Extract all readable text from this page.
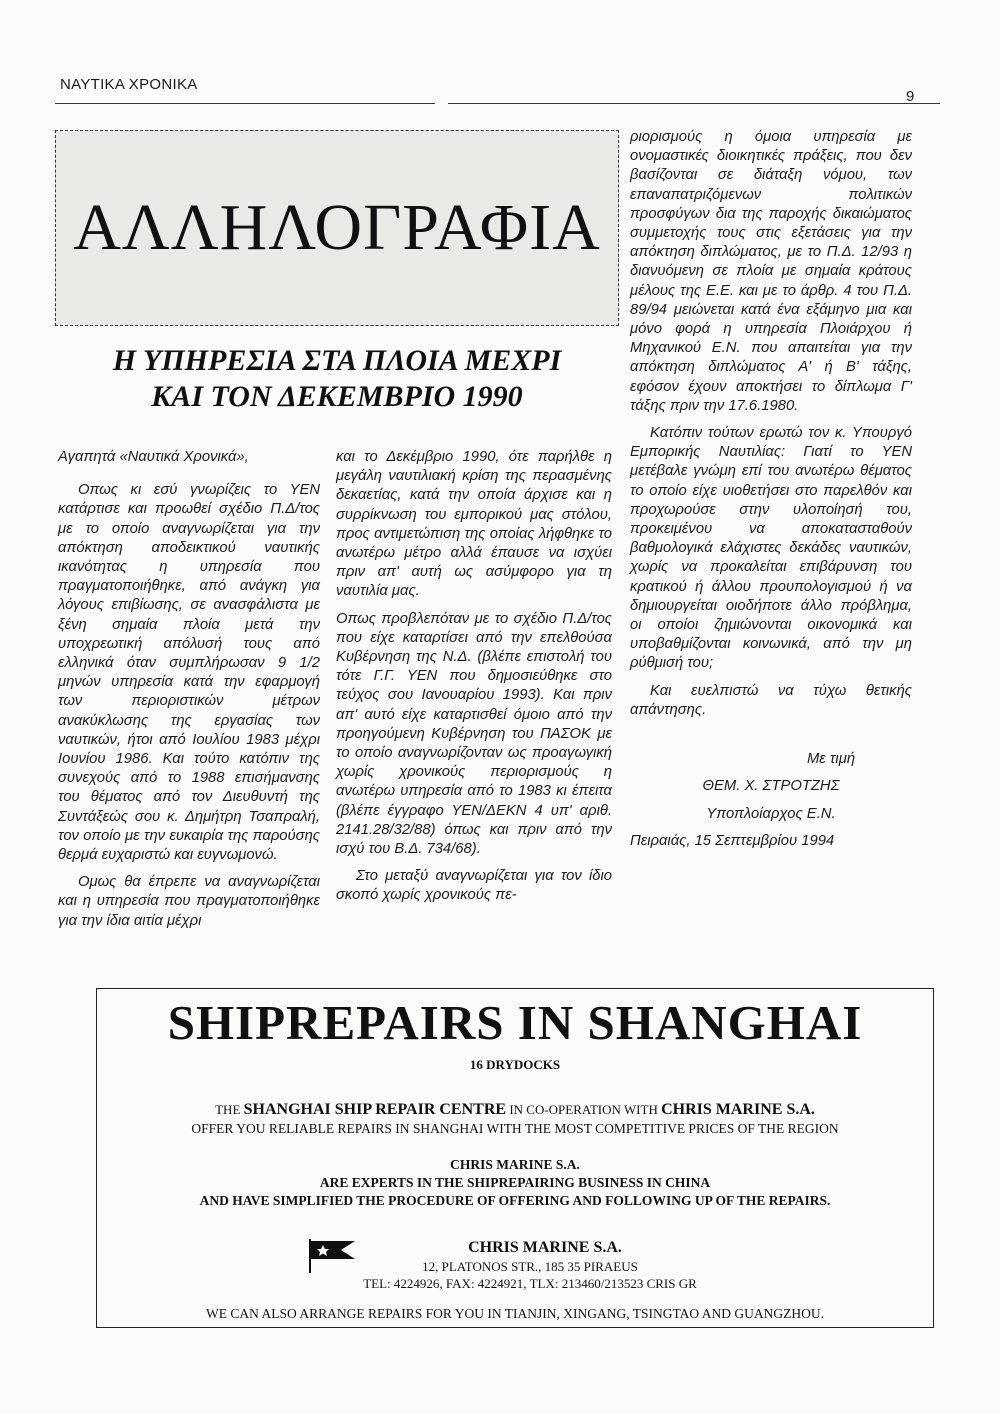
ΝΑΥΤΙΚΑ ΧΡΟΝΙΚΑ
9
ΑΛΛΗΛΟΓΡΑΦΙΑ
Η ΥΠΗΡΕΣΙΑ ΣΤΑ ΠΛΟΙΑ ΜΕΧΡΙ
ΚΑΙ ΤΟΝ ΔΕΚΕΜΒΡΙΟ 1990

Αγαπητά «Ναυτικά Χρονικά»,

Οπως κι εσύ γνωρίζεις το ΥΕΝ κατάρτισε και προωθεί σχέδιο Π.Δ/τος με το οποίο αναγνωρίζεται για την απόκτηση αποδεικτικού ναυτικής ικανότητας η υπηρεσία που πραγματοποιήθηκε, από ανάγκη για λόγους επιβίωσης, σε ανασφάλιστα με ξένη σημαία πλοία μετά την υποχρεωτική απόλυσή τους από ελληνικά όταν συμπλήρωσαν 9 1/2 μηνών υπηρεσία κατά την εφαρμογή των περιοριστικών μέτρων ανακύκλωσης της εργασίας των ναυτικών, ήτοι από Ιουλίου 1983 μέχρι Ιουνίου 1986. Και τούτο κατόπιν της συνεχούς από το 1988 επισήμανσης του θέματος από τον Διευθυντή της Συντάξεώς σου κ. Δημήτρη Τσαπραλή, τον οποίο με την ευκαιρία της παρούσης θερμά ευχαριστώ και ευγνωμονώ.

Ομως θα έπρεπε να αναγνωρίζεται και η υπηρεσία που πραγματοποιήθηκε για την ίδια αιτία μέχρι

και το Δεκέμβριο 1990, ότε παρήλθε η μεγάλη ναυτιλιακή κρίση της περασμένης δεκαετίας, κατά την οποία άρχισε και η συρρίκνωση του εμπορικού μας στόλου, προς αντιμετώπιση της οποίας λήφθηκε το ανωτέρω μέτρο αλλά έπαυσε να ισχύει πριν απ' αυτή ως ασύμφορο για τη ναυτιλία μας.

Οπως προβλεπόταν με το σχέδιο Π.Δ/τος που είχε καταρτίσει από την επελθούσα Κυβέρνηση της Ν.Δ. (βλέπε επιστολή του τότε Γ.Γ. ΥΕΝ που δημοσιεύθηκε στο τεύχος σου Ιανουαρίου 1993). Και πριν απ' αυτό είχε καταρτισθεί όμοιο από την προηγούμενη Κυβέρνηση του ΠΑΣΟΚ με το οποίο αναγνωρίζονταν ως προαγωγική χωρίς χρονικούς περιορισμούς η ανωτέρω υπηρεσία από το 1983 κι έπειτα (βλέπε έγγραφο ΥΕΝ/ΔΕΚΝ 4 υπ' αριθ. 2141.28/32/88) όπως και πριν από την ισχύ του Β.Δ. 734/68).

Στο μεταξύ αναγνωρίζεται για τον ίδιο σκοπό χωρίς χρονικούς πε-

ριορισμούς η όμοια υπηρεσία με ονομαστικές διοικητικές πράξεις, που δεν βασίζονται σε διάταξη νόμου, των επαναπατριζόμενων πολιτικών προσφύγων δια της παροχής δικαιώματος συμμετοχής τους στις εξετάσεις για την απόκτηση διπλώματος, με το Π.Δ. 12/93 η διανυόμενη σε πλοία με σημαία κράτους μέλους της Ε.Ε. και με το άρθρ. 4 του Π.Δ. 89/94 μειώνεται κατά ένα εξάμηνο μια και μόνο φορά η υπηρεσία Πλοιάρχου ή Μηχανικού Ε.Ν. που απαιτείται για την απόκτηση διπλώματος Α' ή Β' τάξης, εφόσον έχουν αποκτήσει το δίπλωμα Γ' τάξης πριν την 17.6.1980.

Κατόπιν τούτων ερωτώ τον κ. Υπουργό Εμπορικής Ναυτιλίας: Γιατί το ΥΕΝ μετέβαλε γνώμη επί του ανωτέρω θέματος το οποίο είχε υιοθετήσει στο παρελθόν και προχωρούσε στην υλοποίησή του, προκειμένου να αποκατασταθούν βαθμολογικά ελάχιστες δεκάδες ναυτικών, χωρίς να προκαλείται επιβάρυνση του κρατικού ή άλλου προυπολογισμού ή να δημιουργείται οιοδήποτε άλλο πρόβλημα, οι οποίοι ζημιώνονται οικονομικά και υποβαθμίζονται κοινωνικά, από την μη ρύθμισή του;

Και ευελπιστώ να τύχω θετικής απάντησης.

Με τιμή

ΘΕΜ. Χ. ΣΤΡΟΤΖΗΣ

Υποπλοίαρχος Ε.Ν.

Πειραιάς, 15 Σεπτεμβρίου 1994

SHIPREPAIRS IN SHANGHAI
16 DRYDOCKS
THE SHANGHAI SHIP REPAIR CENTRE IN CO-OPERATION WITH CHRIS MARINE S.A.
OFFER YOU RELIABLE REPAIRS IN SHANGHAI WITH THE MOST COMPETITIVE PRICES OF THE REGION
CHRIS MARINE S.A.
ARE EXPERTS IN THE SHIPREPAIRING BUSINESS IN CHINA
AND HAVE SIMPLIFIED THE PROCEDURE OF OFFERING AND FOLLOWING UP OF THE REPAIRS.
CHRIS MARINE S.A.
12, PLATONOS STR., 185 35 PIRAEUS
TEL: 4224926, FAX: 4224921, TLX: 213460/213523 CRIS GR
WE CAN ALSO ARRANGE REPAIRS FOR YOU IN TIANJIN, XINGANG, TSINGTAO AND GUANGZHOU.
